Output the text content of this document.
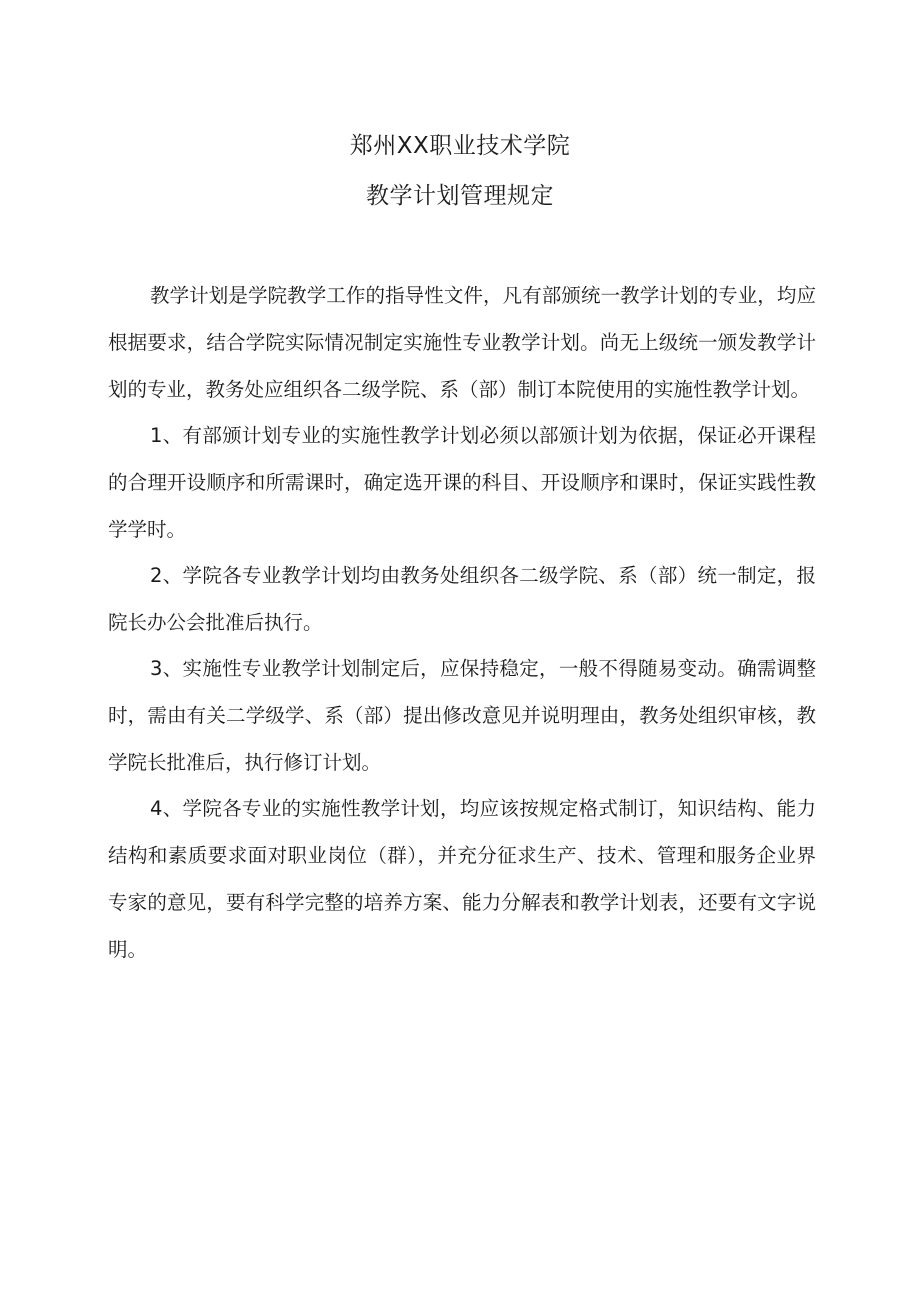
郑州XX职业技术学院
教学计划管理规定

教学计划是学院教学工作的指导性文件，凡有部颁统一教学计划的专业，均应根据要求，结合学院实际情况制定实施性专业教学计划。尚无上级统一颁发教学计划的专业，教务处应组织各二级学院、系（部）制订本院使用的实施性教学计划。

1、有部颁计划专业的实施性教学计划必须以部颁计划为依据，保证必开课程的合理开设顺序和所需课时，确定选开课的科目、开设顺序和课时，保证实践性教学学时。

2、学院各专业教学计划均由教务处组织各二级学院、系（部）统一制定，报院长办公会批准后执行。

3、实施性专业教学计划制定后，应保持稳定，一般不得随易变动。确需调整时，需由有关二学级学、系（部）提出修改意见并说明理由，教务处组织审核，教学院长批准后，执行修订计划。

4、学院各专业的实施性教学计划，均应该按规定格式制订，知识结构、能力结构和素质要求面对职业岗位（群），并充分征求生产、技术、管理和服务企业界专家的意见，要有科学完整的培养方案、能力分解表和教学计划表，还要有文字说明。
